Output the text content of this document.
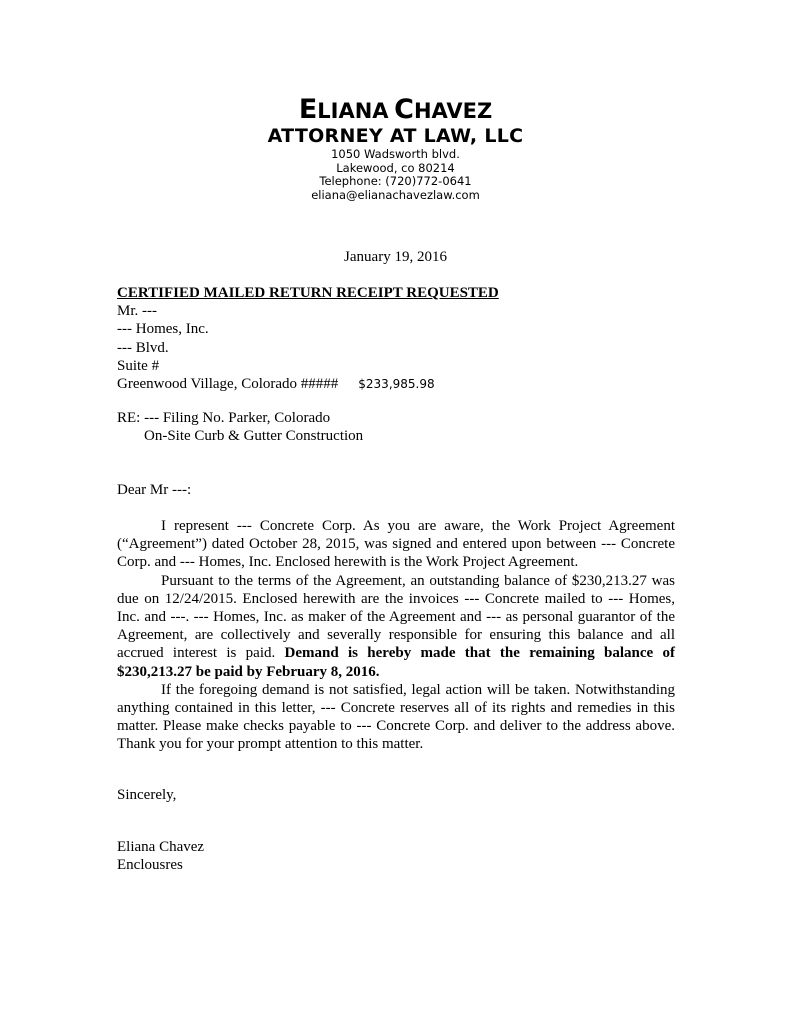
ELIANA CHAVEZ
ATTORNEY AT LAW, LLC
1050 Wadsworth blvd.
Lakewood, co 80214
Telephone: (720)772-0641
eliana@elianachavezlaw.com
January 19, 2016
CERTIFIED MAILED RETURN RECEIPT REQUESTED
Mr. ---
--- Homes, Inc.
--- Blvd.
Suite #
Greenwood Village, Colorado ##### $233,985.98
RE: --- Filing No. Parker, Colorado
On-Site Curb & Gutter Construction
Dear Mr ---:

I represent --- Concrete Corp. As you are aware, the Work Project Agreement (“Agreement”) dated October 28, 2015, was signed and entered upon between --- Concrete Corp. and --- Homes, Inc. Enclosed herewith is the Work Project Agreement.

Pursuant to the terms of the Agreement, an outstanding balance of $230,213.27 was due on 12/24/2015. Enclosed herewith are the invoices --- Concrete mailed to --- Homes, Inc. and ---. --- Homes, Inc. as maker of the Agreement and --- as personal guarantor of the Agreement, are collectively and severally responsible for ensuring this balance and all accrued interest is paid. Demand is hereby made that the remaining balance of $230,213.27 be paid by February 8, 2016.

If the foregoing demand is not satisfied, legal action will be taken. Notwithstanding anything contained in this letter, --- Concrete reserves all of its rights and remedies in this matter. Please make checks payable to --- Concrete Corp. and deliver to the address above. Thank you for your prompt attention to this matter.

Sincerely,
Eliana Chavez
Enclousres
